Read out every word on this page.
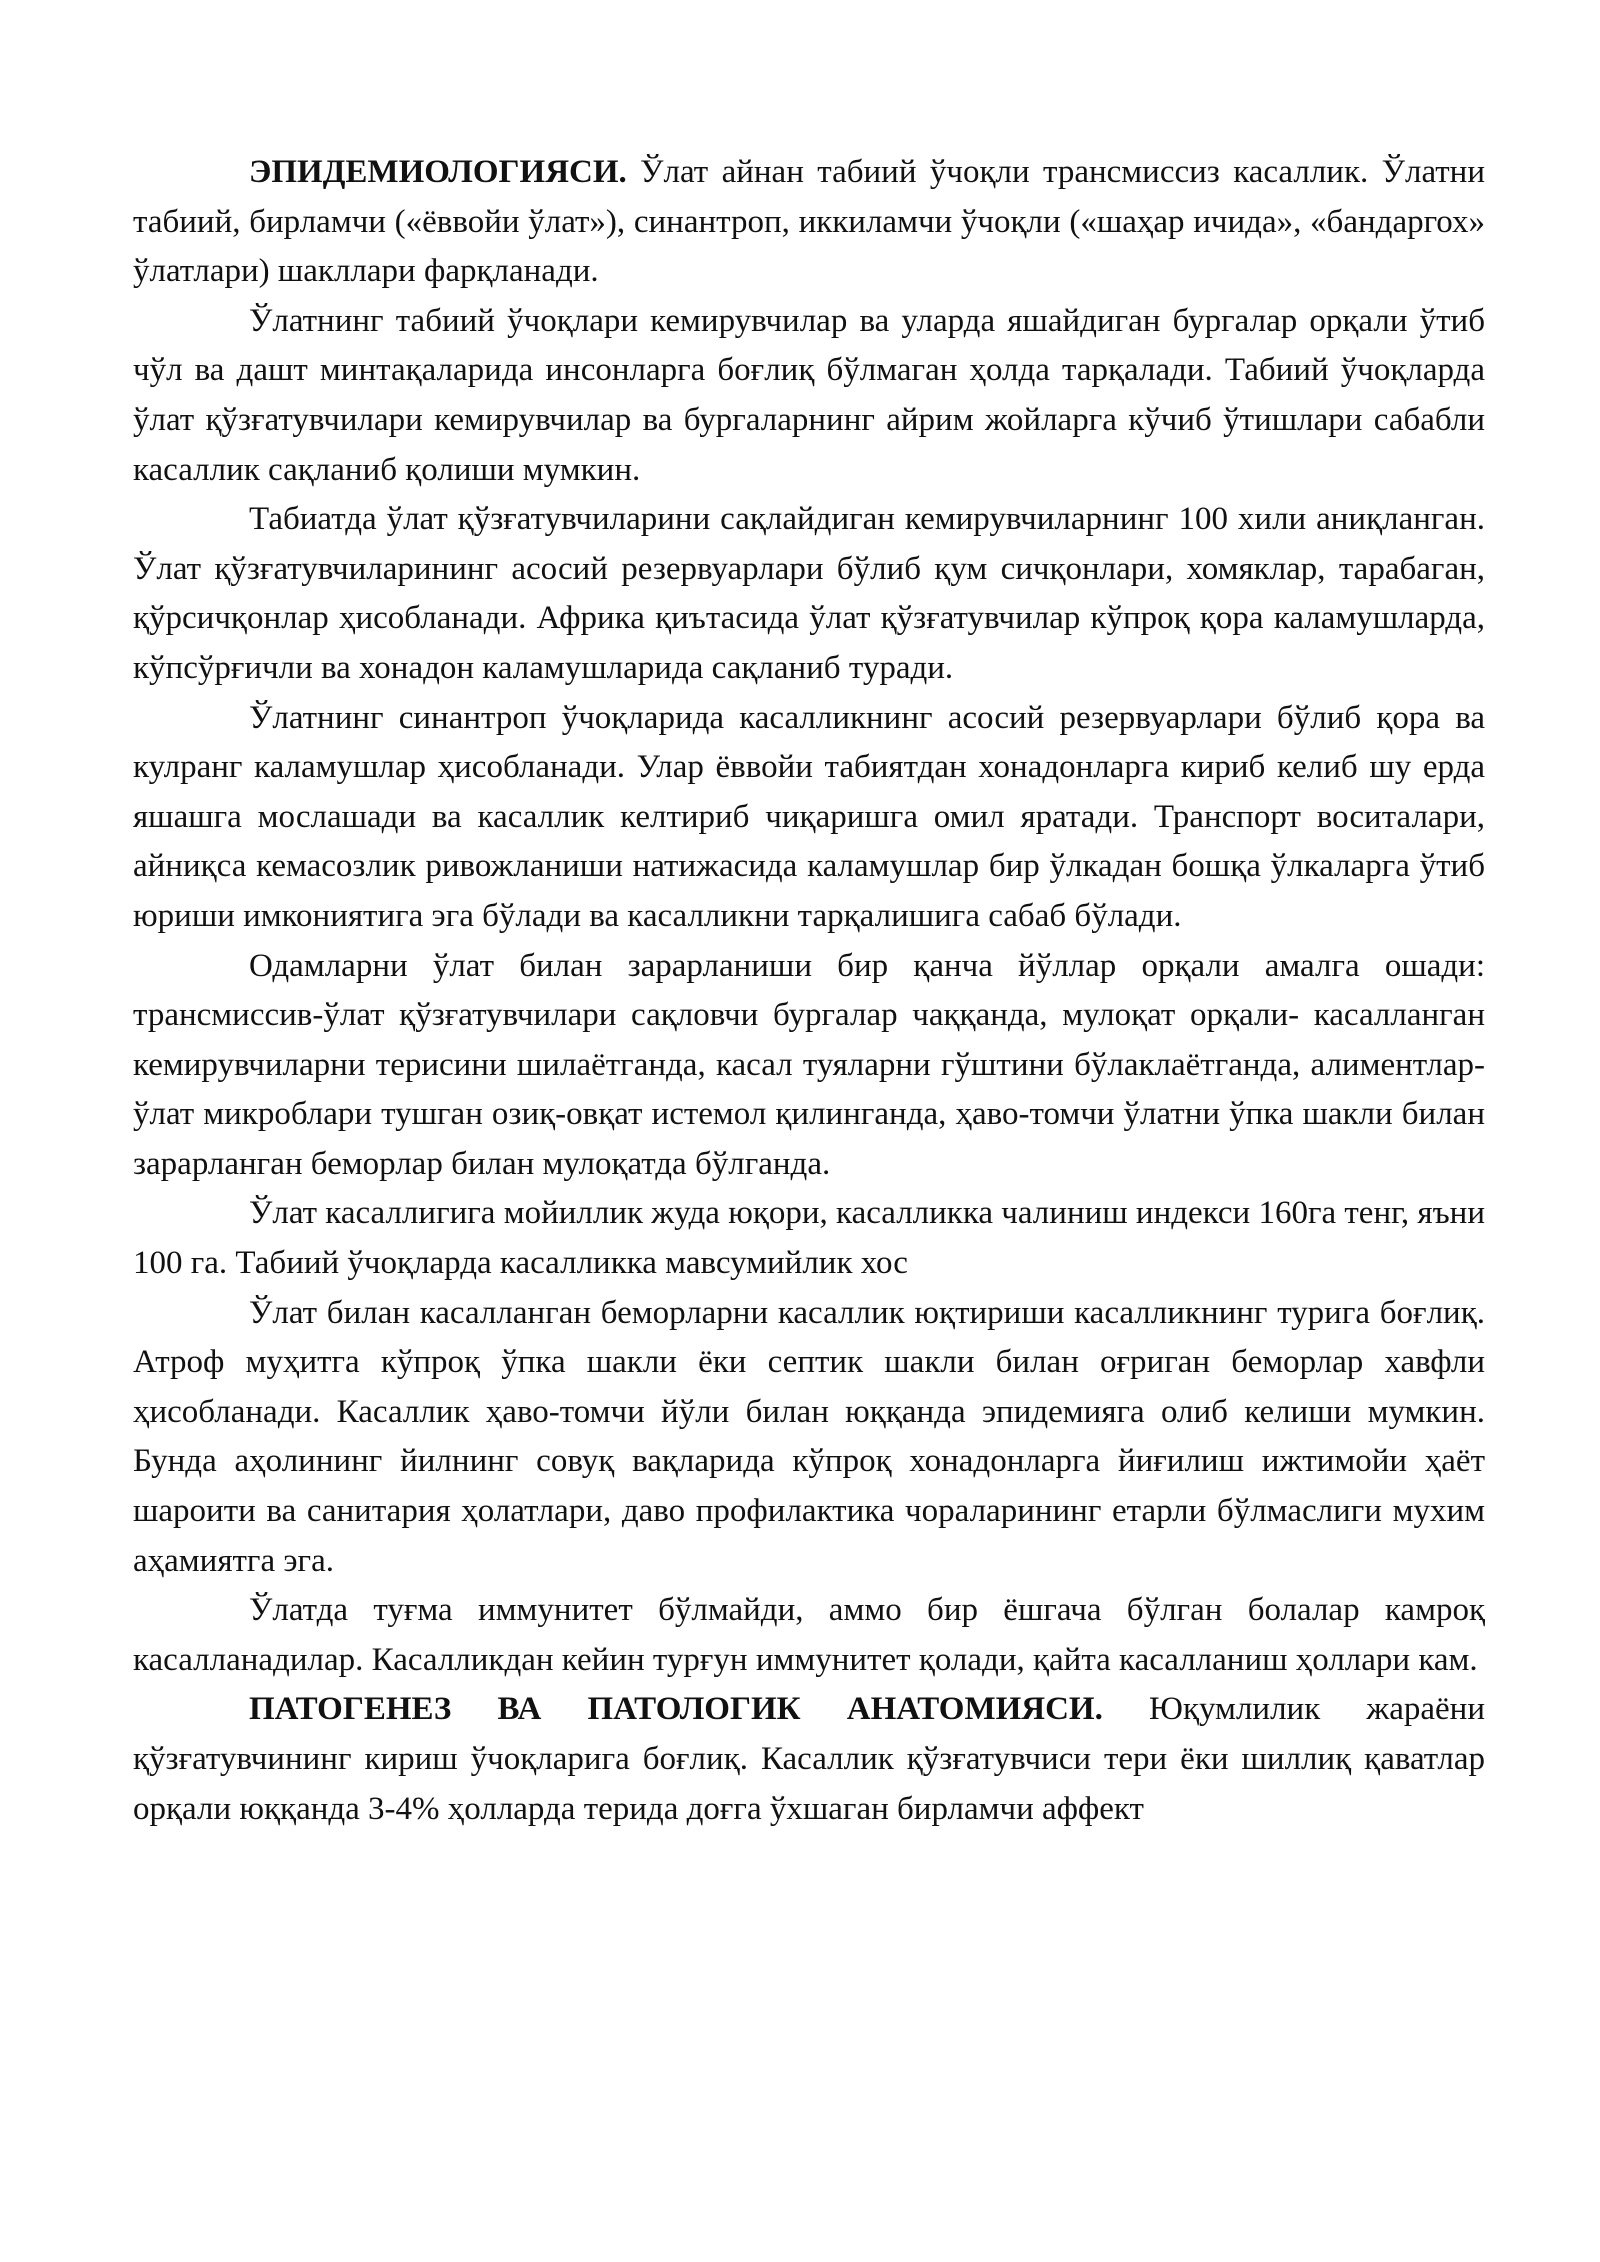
ЭПИДЕМИОЛОГИЯСИ. Ўлат айнан табиий ўчоқли трансмиссиз касаллик. Ўлатни табиий, бирламчи («ёввойи ўлат»), синантроп, иккиламчи ўчоқли («шаҳар ичида», «бандаргох» ўлатлари) шакллари фарқланади.

Ўлатнинг табиий ўчоқлари кемирувчилар ва уларда яшайдиган бургалар орқали ўтиб чўл ва дашт минтақаларида инсонларга боғлиқ бўлмаган ҳолда тарқалади. Табиий ўчоқларда ўлат қўзғатувчилари кемирувчилар ва бургаларнинг айрим жойларга кўчиб ўтишлари сабабли касаллик сақланиб қолиши мумкин.

Табиатда ўлат қўзғатувчиларини сақлайдиган кемирувчиларнинг 100 хили аниқланган. Ўлат қўзғатувчиларининг асосий резервуарлари бўлиб қум сичқонлари, хомяклар, тарабаган, қўрсичқонлар ҳисобланади. Африка қиътасида ўлат қўзғатувчилар кўпроқ қора каламушларда, кўпсўрғичли ва хонадон каламушларида сақланиб туради.

Ўлатнинг синантроп ўчоқларида касалликнинг асосий резервуарлари бўлиб қора ва кулранг каламушлар ҳисобланади. Улар ёввойи табиятдан хонадонларга кириб келиб шу ерда яшашга мослашади ва касаллик келтириб чиқаришга омил яратади. Транспорт воситалари, айниқса кемасозлик ривожланиши натижасида каламушлар бир ўлкадан бошқа ўлкаларга ўтиб юриши имкониятига эга бўлади ва касалликни тарқалишига сабаб бўлади.

Одамларни ўлат билан зарарланиши бир қанча йўллар орқали амалга ошади: трансмиссив-ўлат қўзғатувчилари сақловчи бургалар чаққанда, мулоқат орқали- касалланган кемирувчиларни терисини шилаётганда, касал туяларни гўштини бўлаклаётганда, алиментлар-ўлат микроблари тушган озиқ-овқат истемол қилинганда, ҳаво-томчи ўлатни ўпка шакли билан зарарланган беморлар билан мулоқатда бўлганда.

Ўлат касаллигига мойиллик жуда юқори, касалликка чалиниш индекси 160га тенг, яъни 100 га. Табиий ўчоқларда касалликка мавсумийлик хос

Ўлат билан касалланган беморларни касаллик юқтириши касалликнинг турига боғлиқ. Атроф муҳитга кўпроқ ўпка шакли ёки септик шакли билан оғриган беморлар хавфли ҳисобланади. Касаллик ҳаво-томчи йўли билан юққанда эпидемияга олиб келиши мумкин. Бунда аҳолининг йилнинг совуқ вақларида кўпроқ хонадонларга йиғилиш ижтимойи ҳаёт шароити ва санитария ҳолатлари, даво профилактика чораларининг етарли бўлмаслиги мухим аҳамиятга эга.

Ўлатда туғма иммунитет бўлмайди, аммо бир ёшгача бўлган болалар камроқ касалланадилар. Касалликдан кейин турғун иммунитет қолади, қайта касалланиш ҳоллари кам.

ПАТОГЕНЕЗ ВА ПАТОЛОГИК АНАТОМИЯСИ. Юқумлилик жараёни қўзғатувчининг кириш ўчоқларига боғлиқ. Касаллик қўзғатувчиси тери ёки шиллиқ қаватлар орқали юққанда 3-4% ҳолларда терида доғга ўхшаган бирламчи аффект
